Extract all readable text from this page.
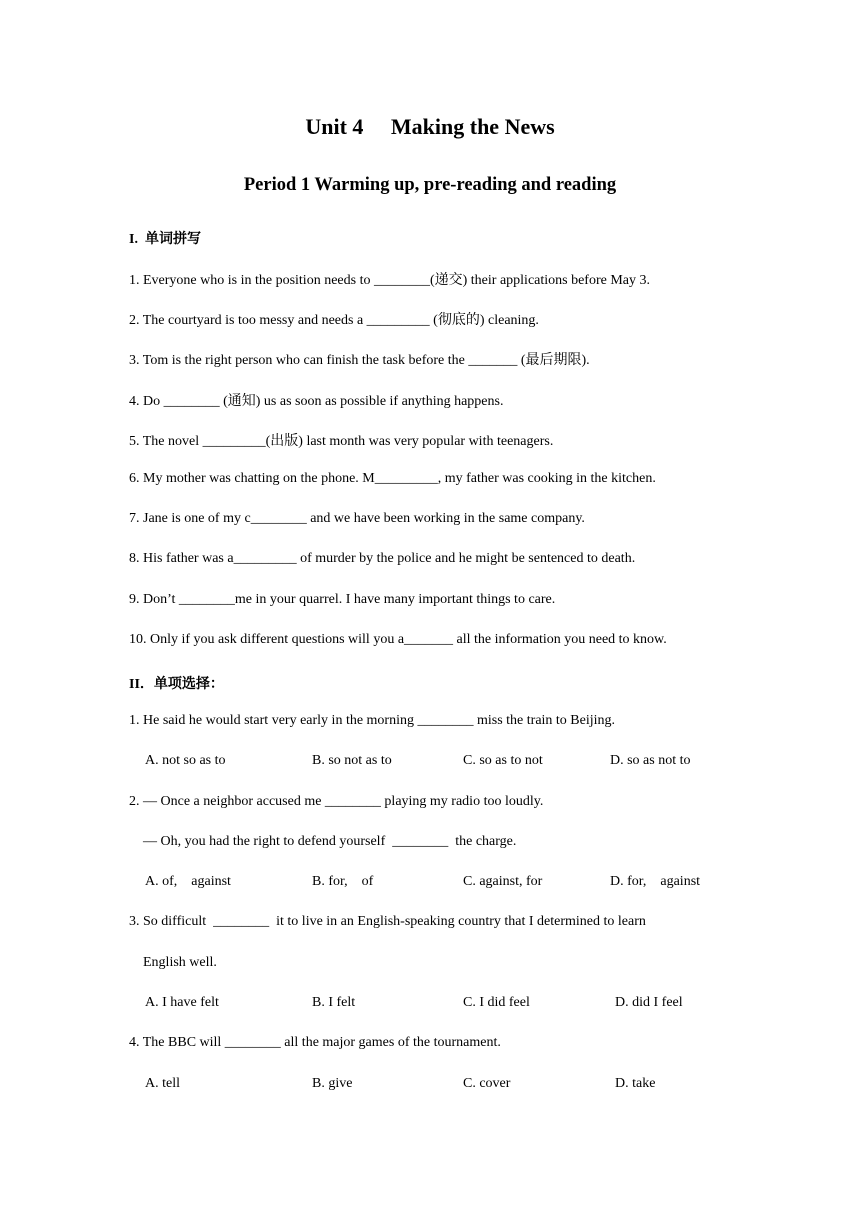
Unit 4     Making the News
Period 1 Warming up, pre-reading and reading
I.  单词拼写
1. Everyone who is in the position needs to ________(递交) their applications before May 3.
2. The courtyard is too messy and needs a _________ (彻底的) cleaning.
3. Tom is the right person who can finish the task before the _______ (最后期限).
4. Do ________ (通知) us as soon as possible if anything happens.
5. The novel _________(出版) last month was very popular with teenagers.
6. My mother was chatting on the phone. M_________, my father was cooking in the kitchen.
7. Jane is one of my c________ and we have been working in the same company.
8. His father was a_________ of murder by the police and he might be sentenced to death.
9. Don’t ________me in your quarrel. I have many important things to care.
10. Only if you ask different questions will you a_______ all the information you need to know.
II．单项选择：
1. He said he would start very early in the morning ________ miss the train to Beijing.
A. not so as to	B. so not as to	C. so as to not	D. so as not to
2. — Once a neighbor accused me ________ playing my radio too loudly.
— Oh, you had the right to defend yourself  ________  the charge.
A. of,    against	B. for,    of	C. against, for	D. for,    against
3. So difficult  ________  it to live in an English-speaking country that I determined to learn
English well.
A. I have felt	B. I felt	C. I did feel	D. did I feel
4. The BBC will ________ all the major games of the tournament.
A. tell	B. give	C. cover	D. take
